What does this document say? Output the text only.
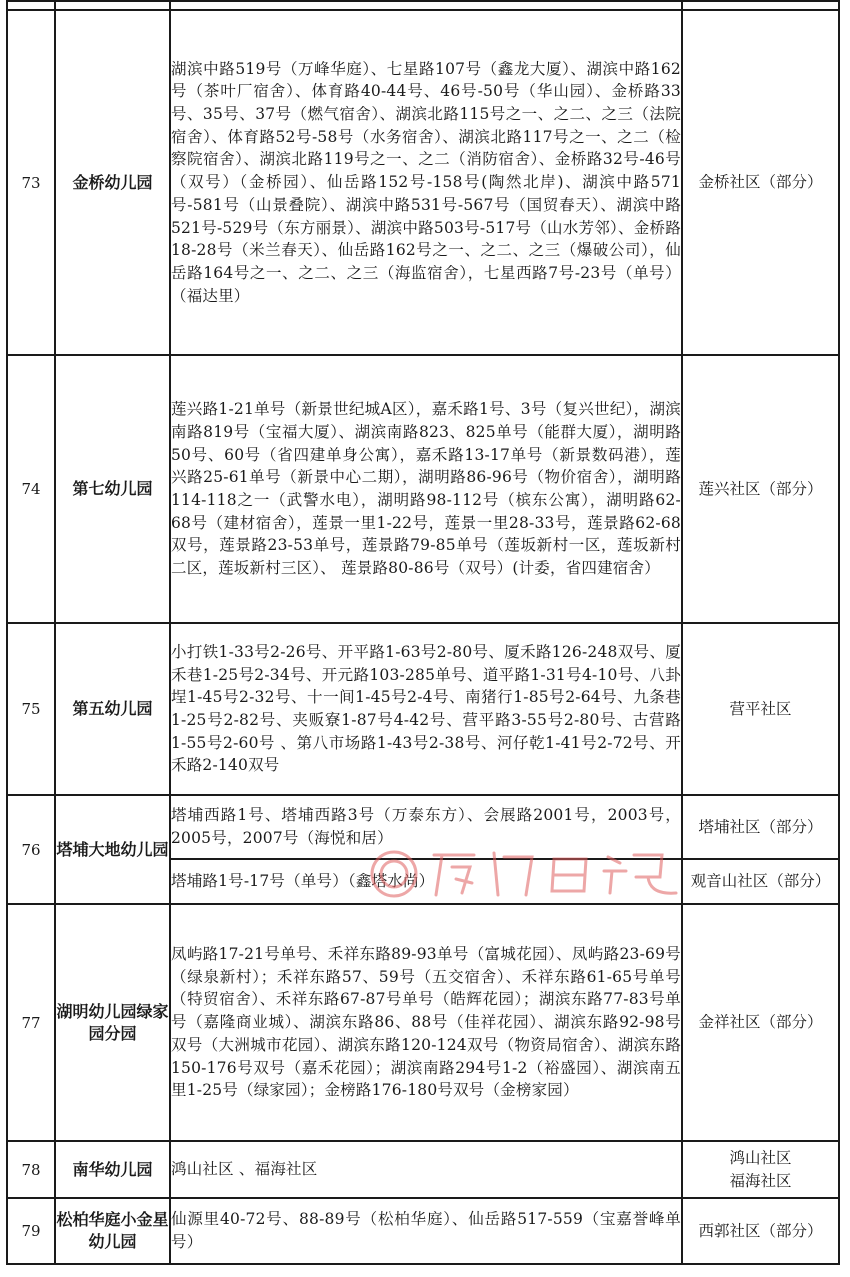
73	金桥幼儿园	湖滨中路519号（万峰华庭）、七星路107号（鑫龙大厦）、湖滨中路162号（茶叶厂宿舍）、体育路40-44号、46号-50号（华山园）、金桥路33号、35号、37号（燃气宿舍）、湖滨北路115号之一、之二、之三（法院宿舍）、体育路52号-58号（水务宿舍）、湖滨北路117号之一、之二（检察院宿舍）、湖滨北路119号之一、之二（消防宿舍）、金桥路32号-46号（双号）（金桥园）、仙岳路152号-158号(陶然北岸)、湖滨中路571号-581号（山景叠院）、湖滨中路531号-567号（国贸春天）、湖滨中路521号-529号（东方丽景）、湖滨中路503号-517号（山水芳邻）、金桥路18-28号（米兰春天）、仙岳路162号之一、之二、之三（爆破公司），仙岳路164号之一、之二、之三（海监宿舍），七星西路7号-23号（单号）（福达里）	金桥社区（部分）
74	第七幼儿园	莲兴路1-21单号（新景世纪城A区），嘉禾路1号、3号（复兴世纪），湖滨南路819号（宝福大厦）、湖滨南路823、825单号（能群大厦），湖明路50号、60号（省四建单身公寓），嘉禾路13-17单号（新景数码港），莲兴路25-61单号（新景中心二期），湖明路86-96号（物价宿舍），湖明路114-118之一（武警水电），湖明路98-112号（槟东公寓），湖明路62-68号（建材宿舍），莲景一里1-22号，莲景一里28-33号，莲景路62-68双号，莲景路23-53单号，莲景路79-85单号（莲坂新村一区，莲坂新村二区，莲坂新村三区）、 莲景路80-86号（双号）(计委，省四建宿舍）	莲兴社区（部分）
75	第五幼儿园	小打铁1-33号2-26号、开平路1-63号2-80号、厦禾路126-248双号、厦禾巷1-25号2-34号、开元路103-285单号、道平路1-31号4-10号、八卦埕1-45号2-32号、十一间1-45号2-4号、南猪行1-85号2-64号、九条巷1-25号2-82号、夹贩寮1-87号4-42号、营平路3-55号2-80号、古营路1-55号2-60号 、第八市场路1-43号2-38号、河仔乾1-41号2-72号、开禾路2-140双号	营平社区
76	塔埔大地幼儿园	塔埔西路1号、塔埔西路3号（万泰东方）、会展路2001号，2003号，2005号，2007号（海悦和居）	塔埔社区（部分）
		塔埔路1号-17号（单号）（鑫塔水尚）	观音山社区（部分）
77	湖明幼儿园绿家园分园	凤屿路17-21号单号、禾祥东路89-93单号（富城花园）、凤屿路23-69号（绿泉新村）；禾祥东路57、59号（五交宿舍）、禾祥东路61-65号单号（特贸宿舍）、禾祥东路67-87号单号（皓辉花园）；湖滨东路77-83号单号（嘉隆商业城）、湖滨东路86、88号（佳祥花园）、湖滨东路92-98号双号（大洲城市花园）、湖滨东路120-124双号（物资局宿舍）、湖滨东路150-176号双号（嘉禾花园）；湖滨南路294号1-2（裕盛园）、湖滨南五里1-25号（绿家园）；金榜路176-180号双号（金榜家园）	金祥社区（部分）
78	南华幼儿园	鸿山社区 、福海社区	鸿山社区
福海社区
79	松柏华庭小金星幼儿园	仙源里40-72号、88-89号（松柏华庭）、仙岳路517-559（宝嘉誉峰单号）	西郭社区（部分）
